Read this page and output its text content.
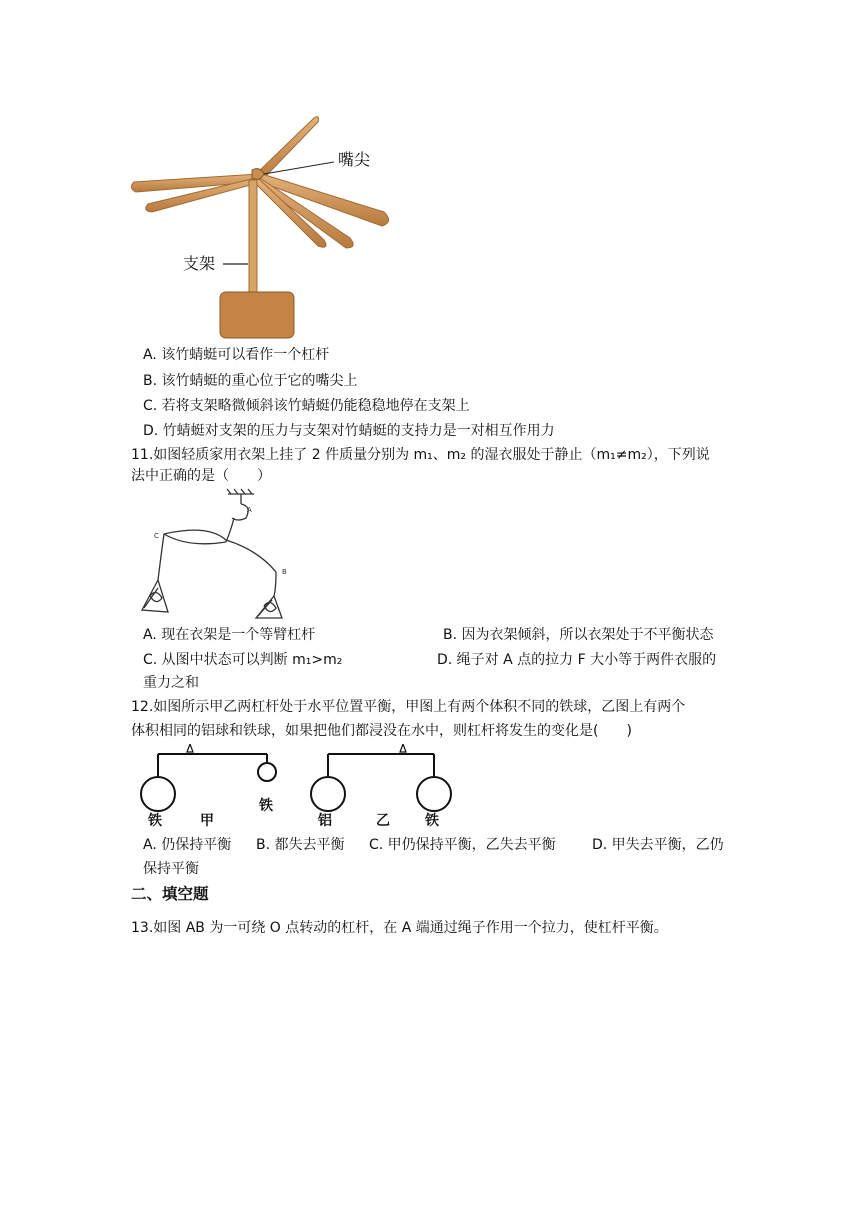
嘴尖
支架
A. 该竹蜻蜓可以看作一个杠杆
B. 该竹蜻蜓的重心位于它的嘴尖上
C. 若将支架略微倾斜该竹蜻蜓仍能稳稳地停在支架上
D. 竹蜻蜓对支架的压力与支架对竹蜻蜓的支持力是一对相互作用力
11.如图轻质家用衣架上挂了 2 件质量分别为 m₁、m₂ 的湿衣服处于静止（m₁≠m₂），下列说
法中正确的是（　　）
A
B
C
A. 现在衣架是一个等臂杠杆	B. 因为衣架倾斜，所以衣架处于不平衡状态
C. 从图中状态可以判断 m₁>m₂	D. 绳子对 A 点的拉力 F 大小等于两件衣服的
重力之和
12.如图所示甲乙两杠杆处于水平位置平衡，甲图上有两个体积不同的铁球，乙图上有两个
体积相同的铝球和铁球，如果把他们都浸没在水中，则杠杆将发生的变化是(　　)
铁
铁
甲	铝	乙	铁
A. 仍保持平衡 B. 都失去平衡 C. 甲仍保持平衡，乙失去平衡	D. 甲失去平衡，乙仍
保持平衡
二、填空题
13.如图 AB 为一可绕 O 点转动的杠杆，在 A 端通过绳子作用一个拉力，使杠杆平衡。
